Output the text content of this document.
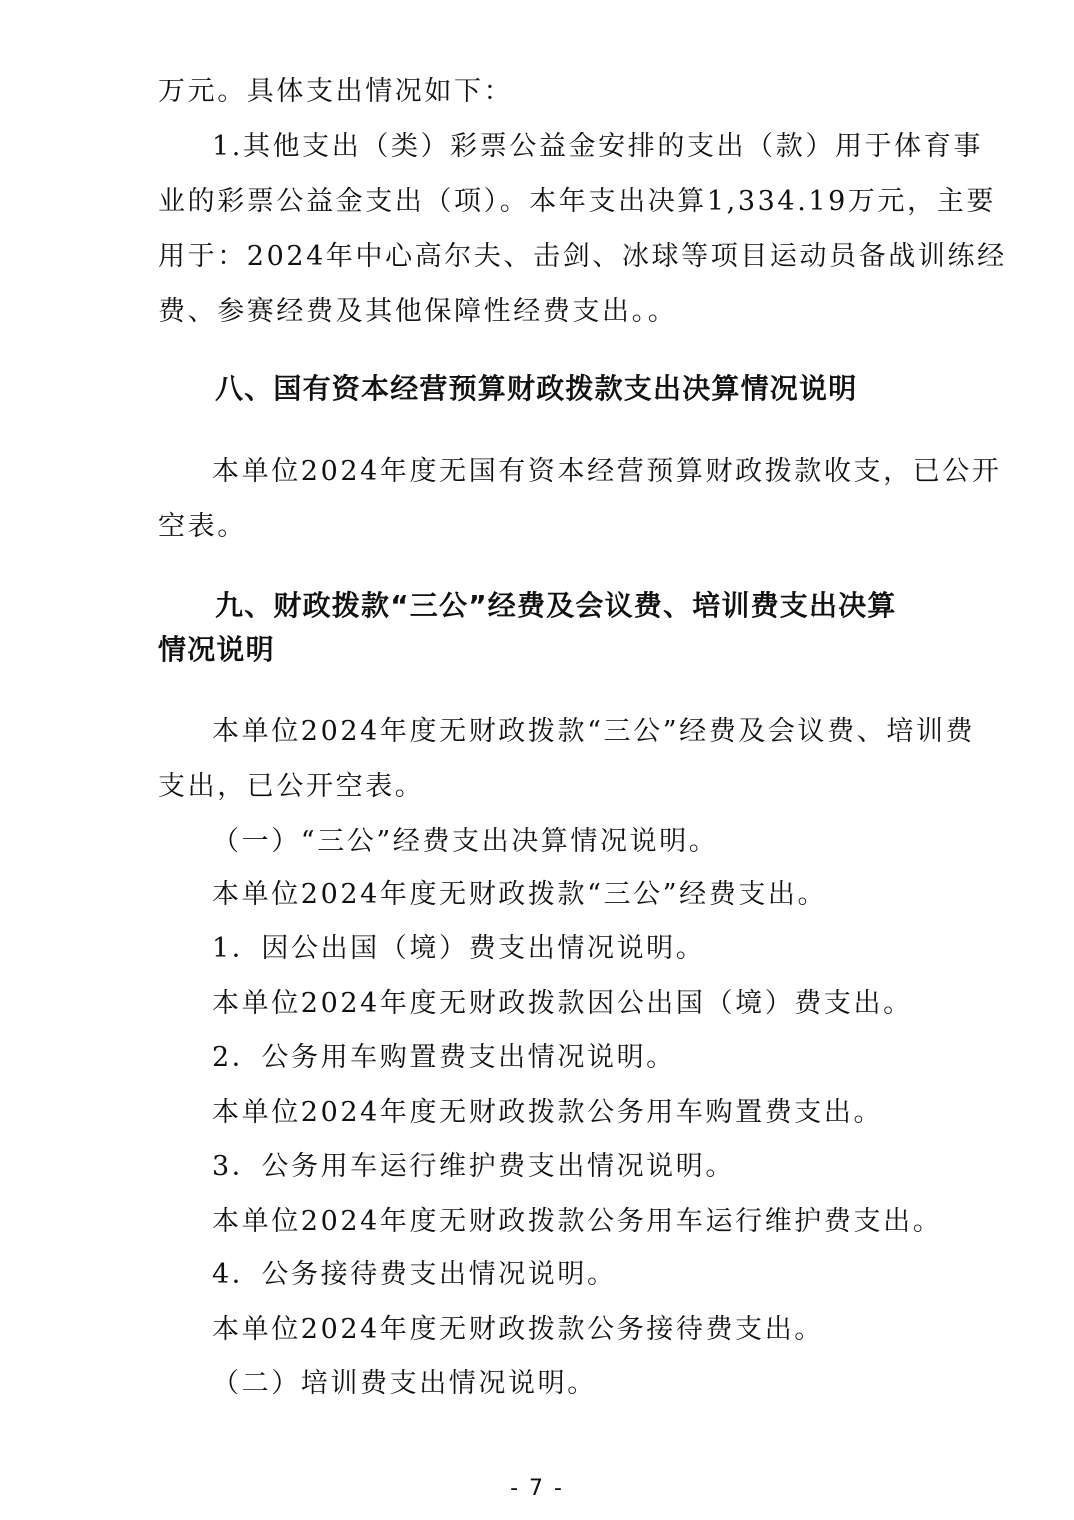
万元。具体支出情况如下：
1.其他支出（类）彩票公益金安排的支出（款）用于体育事
业的彩票公益金支出（项）。本年支出决算1,334.19万元，主要
用于：2024年中心高尔夫、击剑、冰球等项目运动员备战训练经
费、参赛经费及其他保障性经费支出。。
八、国有资本经营预算财政拨款支出决算情况说明
本单位2024年度无国有资本经营预算财政拨款收支，已公开
空表。
九、财政拨款“三公”经费及会议费、培训费支出决算
情况说明
本单位2024年度无财政拨款“三公”经费及会议费、培训费
支出，已公开空表。
（一）“三公”经费支出决算情况说明。
本单位2024年度无财政拨款“三公”经费支出。
1．因公出国（境）费支出情况说明。
本单位2024年度无财政拨款因公出国（境）费支出。
2．公务用车购置费支出情况说明。
本单位2024年度无财政拨款公务用车购置费支出。
3．公务用车运行维护费支出情况说明。
本单位2024年度无财政拨款公务用车运行维护费支出。
4．公务接待费支出情况说明。
本单位2024年度无财政拨款公务接待费支出。
（二）培训费支出情况说明。
- 7 -
